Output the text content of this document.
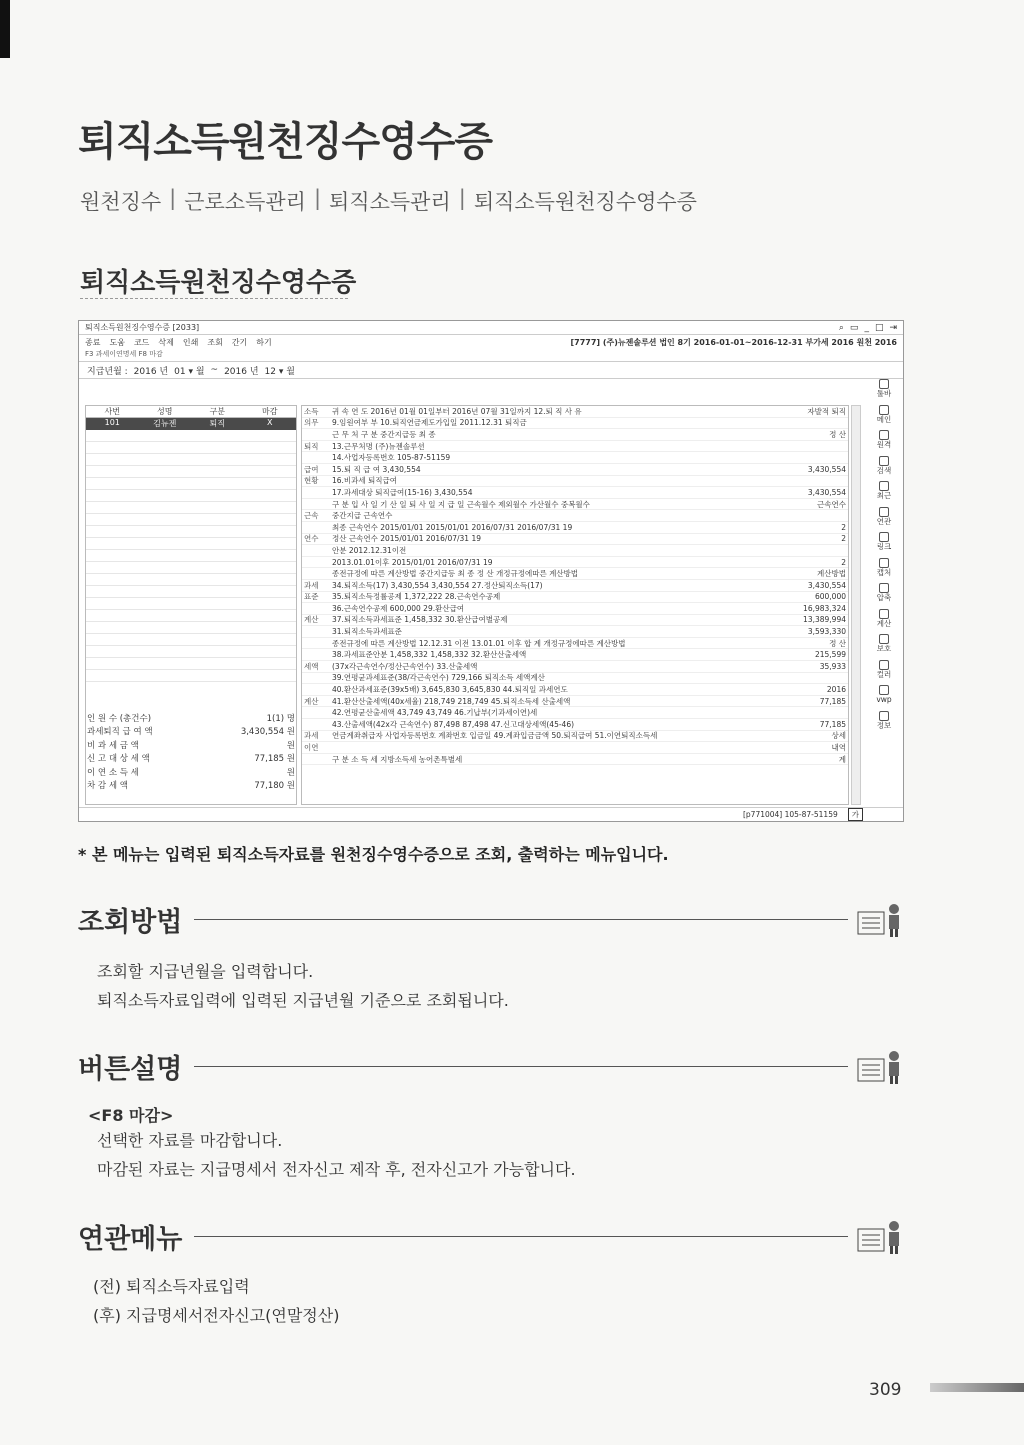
퇴직소득원천징수영수증
원천징수 | 근로소득관리 | 퇴직소득관리 | 퇴직소득원천징수영수증
퇴직소득원천징수영수증
퇴직소득원천징수영수증 [2033]	⌕ ▭ _ □ ⇥
종료 도움 코드 삭제 인쇄 조회 간기 하기	[7777] (주)뉴젠솔루션 법인 8기 2016-01-01~2016-12-31 부가세 2016 원천 2016
F3 과세이연명세 F8 마감
지급년월 : 2016 년 01 ▾ 월 ~ 2016 년 12 ▾ 월
사번	성명	구분	마감
101	김뉴젠	퇴직	X
인 원 수 (총건수)	1(1) 명
과세퇴직 급 여 액	3,430,554 원
비 과 세 금 액	원
신 고 대 상 세 액	77,185 원
이 연 소 득 세	원
차 감 세 액	77,180 원
소득	귀 속 연 도 2016년 01월 01일부터 2016년 07월 31일까지 12.퇴 직 사 유	자발적 퇴직
의무	9.임원여부 부 10.퇴직연금제도가입일 2011.12.31 퇴직금
근 무 처 구 분 중간지급등 최 종	정 산
퇴직	13.근무처명 (주)뉴젠솔루션
14.사업자등록번호 105-87-51159
급여	15.퇴 직 급 여 3,430,554	3,430,554
현황	16.비과세 퇴직급여
17.과세대상 퇴직급여(15-16) 3,430,554	3,430,554
구 분 입 사 일 기 산 일 퇴 사 일 지 급 일 근속월수 제외월수 가산월수 중복월수	근속연수
근속	중간지급 근속연수
최종 근속연수 2015/01/01 2015/01/01 2016/07/31 2016/07/31 19	2
연수	정산 근속연수 2015/01/01 2016/07/31 19	2
안분 2012.12.31이전
2013.01.01이후 2015/01/01 2016/07/31 19	2
종전규정에 따른 계산방법 중간지급등 최 종 정 산 개정규정에따른 계산방법	계산방법
과세	34.퇴직소득(17) 3,430,554 3,430,554 27.정산퇴직소득(17)	3,430,554
표준	35.퇴직소득정률공제 1,372,222 28.근속연수공제	600,000
36.근속연수공제 600,000 29.환산급여	16,983,324
계산	37.퇴직소득과세표준 1,458,332 30.환산급여별공제	13,389,994
31.퇴직소득과세표준	3,593,330
종전규정에 따른 계산방법 12.12.31 이전 13.01.01 이후 합 계 개정규정에따른 계산방법	정 산
38.과세표준안분 1,458,332 1,458,332 32.환산산출세액	215,599
세액	(37x각근속연수/정산근속연수) 33.산출세액	35,933
39.연평균과세표준(38/각근속연수) 729,166 퇴직소득 세액계산
40.환산과세표준(39x5배) 3,645,830 3,645,830 44.퇴직일 과세연도	2016
계산	41.환산산출세액(40x세율) 218,749 218,749 45.퇴직소득세 산출세액	77,185
42.연평균산출세액 43,749 43,749 46.기납부(기과세이연)세
43.산출세액(42x각 근속연수) 87,498 87,498 47.신고대상세액(45-46)	77,185
과세	연금계좌취급자 사업자등록번호 계좌번호 입금일 49.계좌입금금액 50.퇴직급여 51.이연퇴직소득세	상세
이연	내역
구 분 소 득 세 지방소득세 농어촌특별세	계
툴바
메인
원격
검색
최근
연관
링크
캡처
압축
계산
보호
컬러
vwp
정보
[p771004] 105-87-51159	가
* 본 메뉴는 입력된 퇴직소득자료를 원천징수영수증으로 조회, 출력하는 메뉴입니다.
조회방법
조회할 지급년월을 입력합니다.
퇴직소득자료입력에 입력된 지급년월 기준으로 조회됩니다.
버튼설명
<F8 마감>
선택한 자료를 마감합니다.
마감된 자료는 지급명세서 전자신고 제작 후, 전자신고가 가능합니다.
연관메뉴
(전) 퇴직소득자료입력
(후) 지급명세서전자신고(연말정산)
309
